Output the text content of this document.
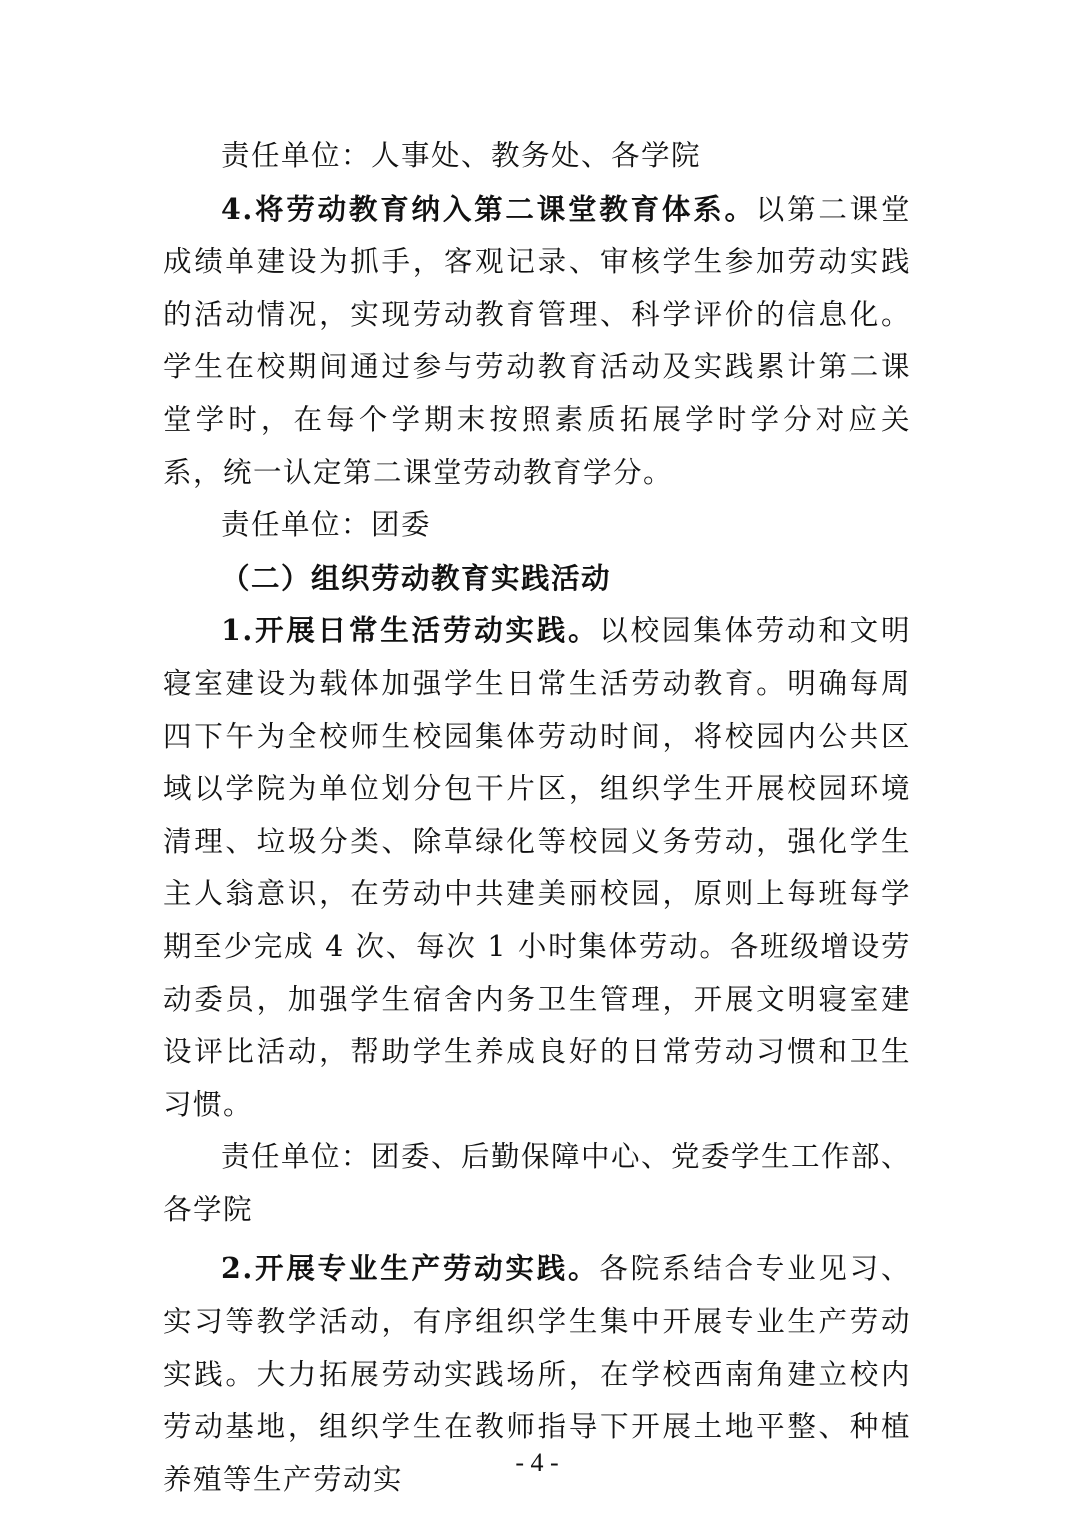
责任单位：人事处、教务处、各学院

4.将劳动教育纳入第二课堂教育体系。以第二课堂成绩单建设为抓手，客观记录、审核学生参加劳动实践的活动情况，实现劳动教育管理、科学评价的信息化。学生在校期间通过参与劳动教育活动及实践累计第二课堂学时，在每个学期末按照素质拓展学时学分对应关系，统一认定第二课堂劳动教育学分。

责任单位：团委

（二）组织劳动教育实践活动

1.开展日常生活劳动实践。以校园集体劳动和文明寝室建设为载体加强学生日常生活劳动教育。明确每周四下午为全校师生校园集体劳动时间，将校园内公共区域以学院为单位划分包干片区，组织学生开展校园环境清理、垃圾分类、除草绿化等校园义务劳动，强化学生主人翁意识，在劳动中共建美丽校园，原则上每班每学期至少完成 4 次、每次 1 小时集体劳动。各班级增设劳动委员，加强学生宿舍内务卫生管理，开展文明寝室建设评比活动，帮助学生养成良好的日常劳动习惯和卫生习惯。

责任单位：团委、后勤保障中心、党委学生工作部、各学院

2.开展专业生产劳动实践。各院系结合专业见习、实习等教学活动，有序组织学生集中开展专业生产劳动实践。大力拓展劳动实践场所，在学校西南角建立校内劳动基地，组织学生在教师指导下开展土地平整、种植养殖等生产劳动实

- 4 -
